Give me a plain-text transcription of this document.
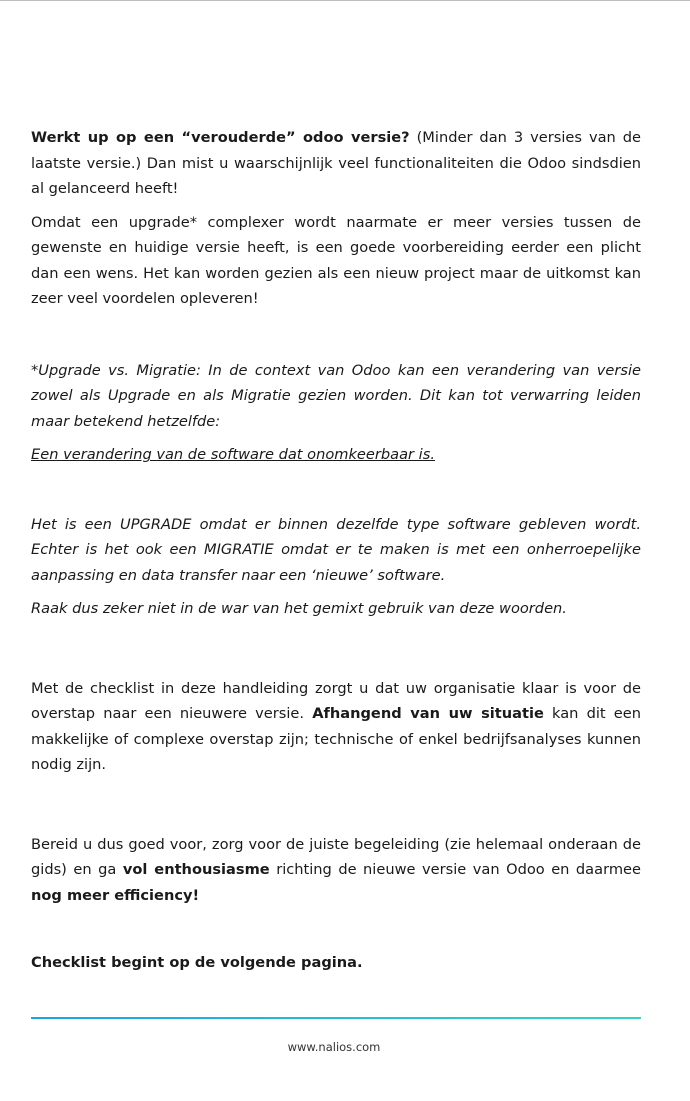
Werkt up op een “verouderde” odoo versie? (Minder dan 3 versies van de laatste versie.) Dan mist u waarschijnlijk veel functionaliteiten die Odoo sindsdien al gelanceerd heeft!

Omdat een upgrade* complexer wordt naarmate er meer versies tussen de gewenste en huidige versie heeft, is een goede voorbereiding eerder een plicht dan een wens. Het kan worden gezien als een nieuw project maar de uitkomst kan zeer veel voordelen opleveren!

*Upgrade vs. Migratie: In de context van Odoo kan een verandering van versie zowel als Upgrade en als Migratie gezien worden. Dit kan tot verwarring leiden maar betekend hetzelfde:

Een verandering van de software dat onomkeerbaar is.

Het is een UPGRADE omdat er binnen dezelfde type software gebleven wordt. Echter is het ook een MIGRATIE omdat er te maken is met een onherroepelijke aanpassing en data transfer naar een ‘nieuwe’ software.

Raak dus zeker niet in de war van het gemixt gebruik van deze woorden.

Met de checklist in deze handleiding zorgt u dat uw organisatie klaar is voor de overstap naar een nieuwere versie. Afhangend van uw situatie kan dit een makkelijke of complexe overstap zijn; technische of enkel bedrijfsanalyses kunnen nodig zijn.

Bereid u dus goed voor, zorg voor de juiste begeleiding (zie helemaal onderaan de gids) en ga vol enthousiasme richting de nieuwe versie van Odoo en daarmee nog meer efficiency!

Checklist begint op de volgende pagina.

www.nalios.com
